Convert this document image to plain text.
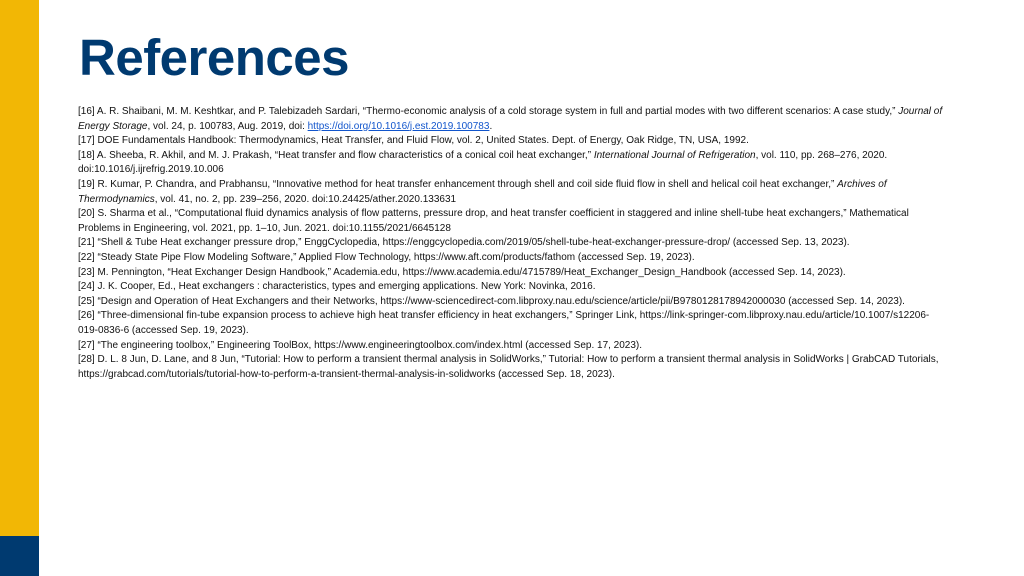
References

[16] A. R. Shaibani, M. M. Keshtkar, and P. Talebizadeh Sardari, “Thermo-economic analysis of a cold storage system in full and partial modes with two different scenarios: A case study,” Journal of Energy Storage, vol. 24, p. 100783, Aug. 2019, doi: https://doi.org/10.1016/j.est.2019.100783.

[17] DOE Fundamentals Handbook: Thermodynamics, Heat Transfer, and Fluid Flow, vol. 2, United States. Dept. of Energy, Oak Ridge, TN, USA, 1992.

[18] A. Sheeba, R. Akhil, and M. J. Prakash, “Heat transfer and flow characteristics of a conical coil heat exchanger,” International Journal of Refrigeration, vol. 110, pp. 268–276, 2020. doi:10.1016/j.ijrefrig.2019.10.006

[19] R. Kumar, P. Chandra, and Prabhansu, “Innovative method for heat transfer enhancement through shell and coil side fluid flow in shell and helical coil heat exchanger,” Archives of Thermodynamics, vol. 41, no. 2, pp. 239–256, 2020. doi:10.24425/ather.2020.133631

[20] S. Sharma et al., “Computational fluid dynamics analysis of flow patterns, pressure drop, and heat transfer coefficient in staggered and inline shell-tube heat exchangers,” Mathematical Problems in Engineering, vol. 2021, pp. 1–10, Jun. 2021. doi:10.1155/2021/6645128

[21] “Shell & Tube Heat exchanger pressure drop,” EnggCyclopedia, https://enggcyclopedia.com/2019/05/shell-tube-heat-exchanger-pressure-drop/ (accessed Sep. 13, 2023).

[22] “Steady State Pipe Flow Modeling Software,” Applied Flow Technology, https://www.aft.com/products/fathom (accessed Sep. 19, 2023).

[23] M. Pennington, “Heat Exchanger Design Handbook,” Academia.edu, https://www.academia.edu/4715789/Heat_Exchanger_Design_Handbook (accessed Sep. 14, 2023).

[24] J. K. Cooper, Ed., Heat exchangers : characteristics, types and emerging applications. New York: Novinka, 2016.

[25] “Design and Operation of Heat Exchangers and their Networks, https://www-sciencedirect-com.libproxy.nau.edu/science/article/pii/B9780128178942000030 (accessed Sep. 14, 2023).

[26] “Three-dimensional fin-tube expansion process to achieve high heat transfer efficiency in heat exchangers,” Springer Link, https://link-springer-com.libproxy.nau.edu/article/10.1007/s12206-019-0836-6 (accessed Sep. 19, 2023).

[27] “The engineering toolbox,” Engineering ToolBox, https://www.engineeringtoolbox.com/index.html (accessed Sep. 17, 2023).

[28] D. L. 8 Jun, D. Lane, and 8 Jun, “Tutorial: How to perform a transient thermal analysis in SolidWorks,” Tutorial: How to perform a transient thermal analysis in SolidWorks | GrabCAD Tutorials, https://grabcad.com/tutorials/tutorial-how-to-perform-a-transient-thermal-analysis-in-solidworks (accessed Sep. 18, 2023).
